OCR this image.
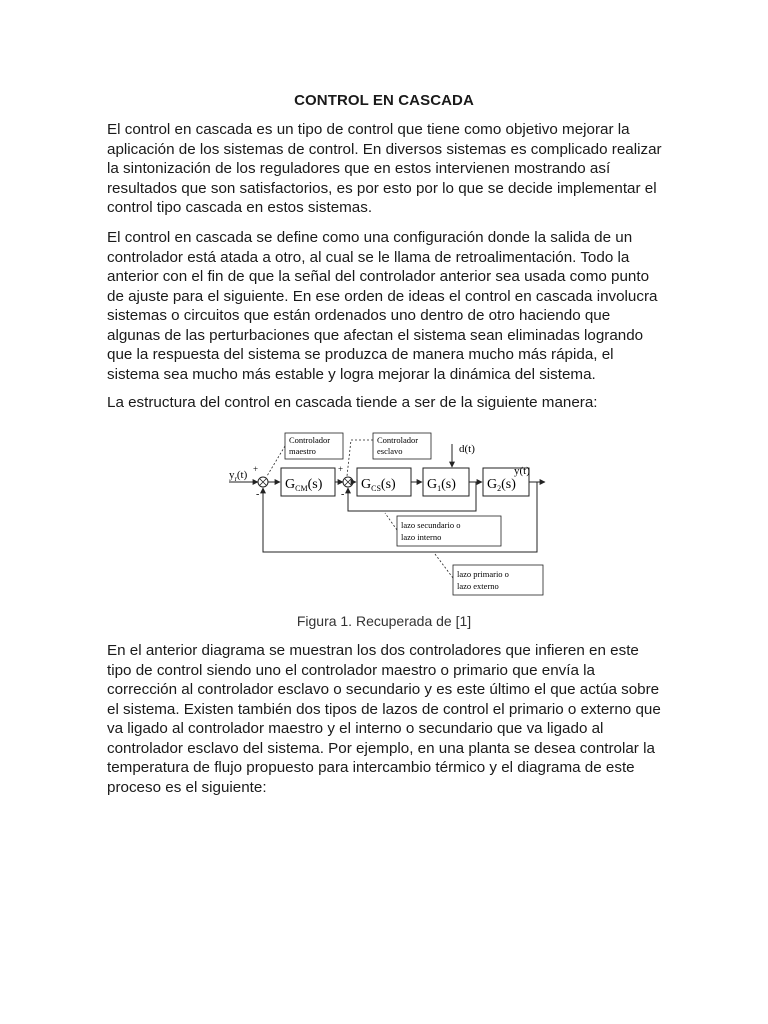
CONTROL EN CASCADA

El control en cascada es un tipo de control que tiene como objetivo mejorar la aplicación de los sistemas de control. En diversos sistemas es complicado realizar la sintonización de los reguladores que en estos intervienen mostrando así resultados que son satisfactorios, es por esto por lo que se decide implementar el control tipo cascada en estos sistemas.

El control en cascada se define como una configuración donde la salida de un controlador está atada a otro, al cual se le llama de retroalimentación. Todo la anterior con el fin de que la señal del controlador anterior sea usada como punto de ajuste para el siguiente. En ese orden de ideas el control en cascada involucra sistemas o circuitos que están ordenados uno dentro de otro haciendo que algunas de las perturbaciones que afectan el sistema sean eliminadas logrando que la respuesta del sistema se produzca de manera mucho más rápida, el sistema sea mucho más estable y logra mejorar la dinámica del sistema.

La estructura del control en cascada tiende a ser de la siguiente manera:

$y_r(t)$ +
-
$G_{CM}(s)$
+
-
$G_{CS}(s)$ $G_1(s)$
d(t)
$G_2(s)$
y(t)
Controlador
maestro
Controlador
esclavo
lazo secundario o
lazo interno
lazo primario o
lazo externo
Figura 1. Recuperada de [1]

En el anterior diagrama se muestran los dos controladores que infieren en este tipo de control siendo uno el controlador maestro o primario que envía la corrección al controlador esclavo o secundario y es este último el que actúa sobre el sistema. Existen también dos tipos de lazos de control el primario o externo que va ligado al controlador maestro y el interno o secundario que va ligado al controlador esclavo del sistema. Por ejemplo, en una planta se desea controlar la temperatura de flujo propuesto para intercambio térmico y el diagrama de este proceso es el siguiente:
